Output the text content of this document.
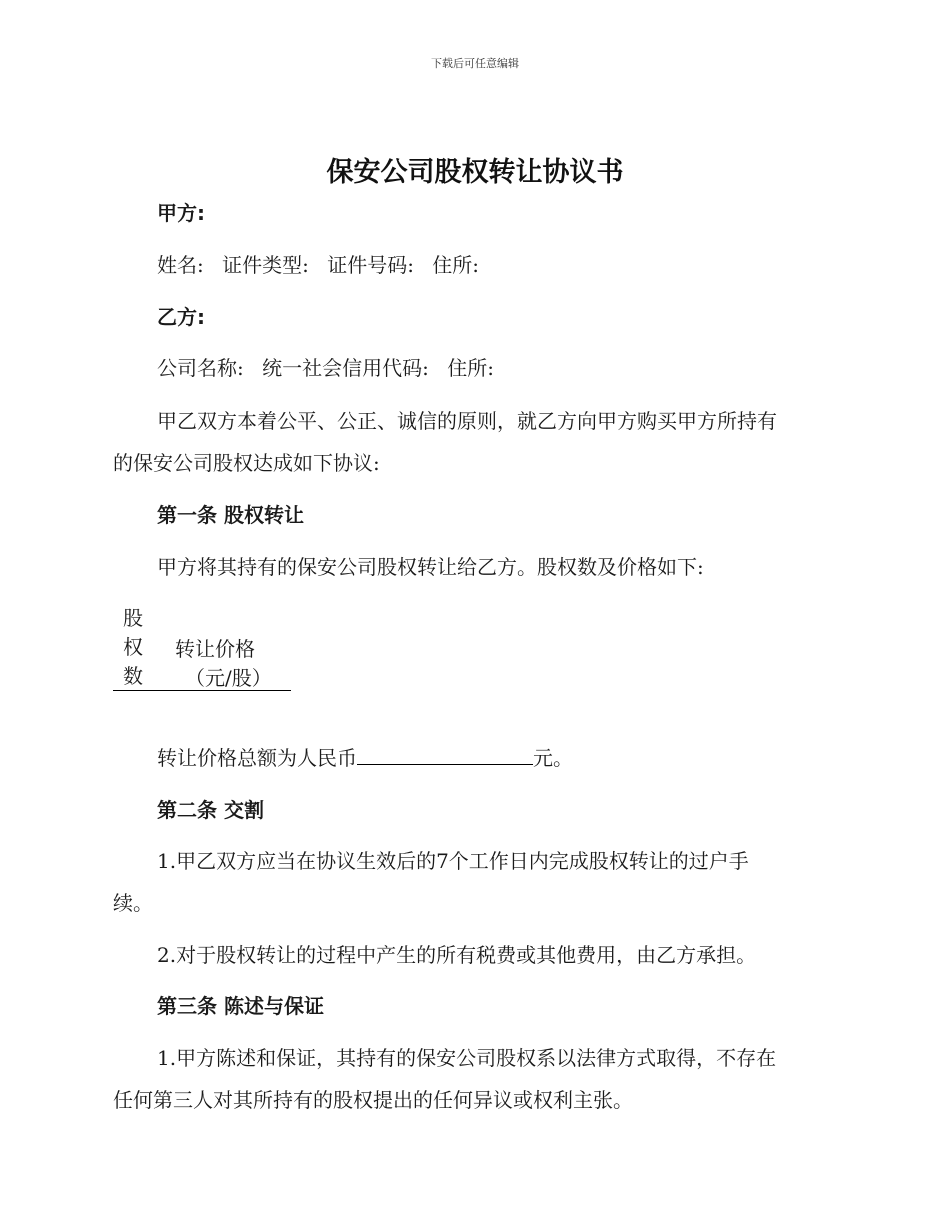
下载后可任意编辑
保安公司股权转让协议书
甲方:
姓名: 证件类型: 证件号码: 住所:
乙方:
公司名称: 统一社会信用代码: 住所:
甲乙双方本着公平、公正、诚信的原则，就乙方向甲方购买甲方所持有
的保安公司股权达成如下协议:
第一条 股权转让
甲方将其持有的保安公司股权转让给乙方。股权数及价格如下:
股权数
转让价格
（元/股）
转让价格总额为人民币	元。
第二条 交割
1.甲乙双方应当在协议生效后的7个工作日内完成股权转让的过户手
续。
2.对于股权转让的过程中产生的所有税费或其他费用，由乙方承担。
第三条 陈述与保证
1.甲方陈述和保证，其持有的保安公司股权系以法律方式取得，不存在
任何第三人对其所持有的股权提出的任何异议或权利主张。
